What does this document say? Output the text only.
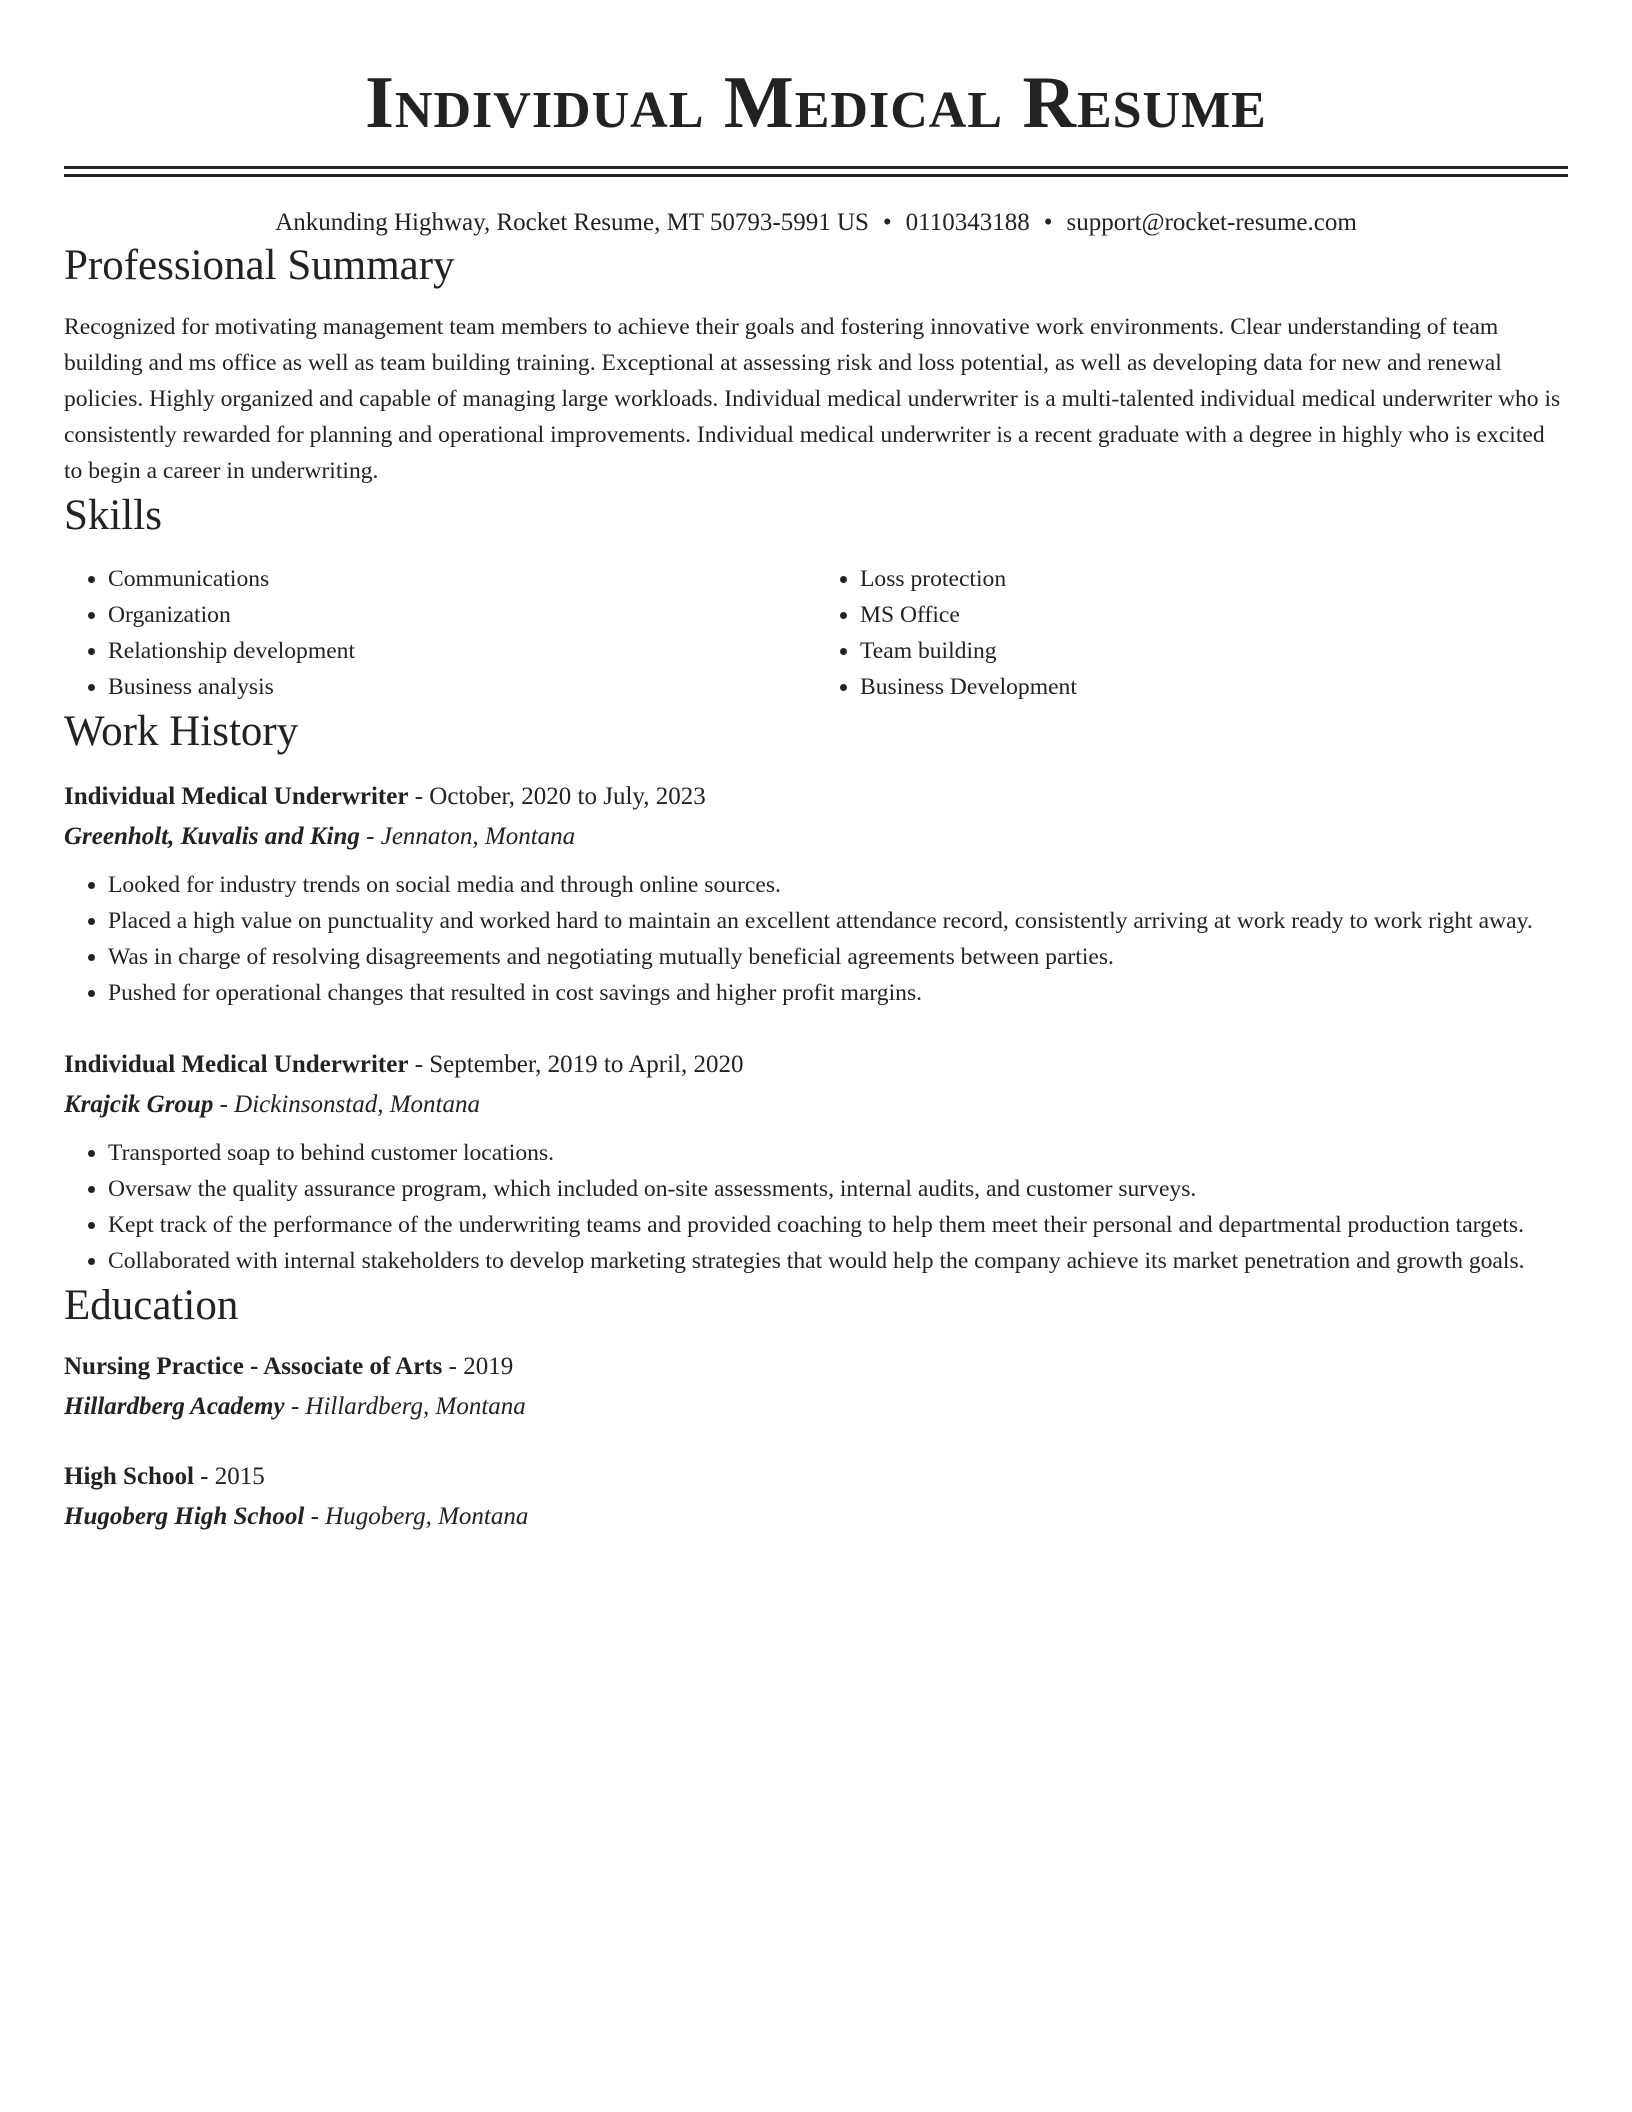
Individual Medical Resume
Ankunding Highway, Rocket Resume, MT 50793-5991 US • 0110343188 • support@rocket-resume.com
Professional Summary
Recognized for motivating management team members to achieve their goals and fostering innovative work environments. Clear understanding of team building and ms office as well as team building training. Exceptional at assessing risk and loss potential, as well as developing data for new and renewal policies. Highly organized and capable of managing large workloads. Individual medical underwriter is a multi-talented individual medical underwriter who is consistently rewarded for planning and operational improvements. Individual medical underwriter is a recent graduate with a degree in highly who is excited to begin a career in underwriting.
Skills
• Communications
• Organization
• Relationship development
• Business analysis
• Loss protection
• MS Office
• Team building
• Business Development
Work History
Individual Medical Underwriter - October, 2020 to July, 2023
Greenholt, Kuvalis and King - Jennaton, Montana
• Looked for industry trends on social media and through online sources.
• Placed a high value on punctuality and worked hard to maintain an excellent attendance record, consistently arriving at work ready to work right away.
• Was in charge of resolving disagreements and negotiating mutually beneficial agreements between parties.
• Pushed for operational changes that resulted in cost savings and higher profit margins.
Individual Medical Underwriter - September, 2019 to April, 2020
Krajcik Group - Dickinsonstad, Montana
• Transported soap to behind customer locations.
• Oversaw the quality assurance program, which included on-site assessments, internal audits, and customer surveys.
• Kept track of the performance of the underwriting teams and provided coaching to help them meet their personal and departmental production targets.
• Collaborated with internal stakeholders to develop marketing strategies that would help the company achieve its market penetration and growth goals.
Education
Nursing Practice - Associate of Arts - 2019
Hillardberg Academy - Hillardberg, Montana
High School - 2015
Hugoberg High School - Hugoberg, Montana
